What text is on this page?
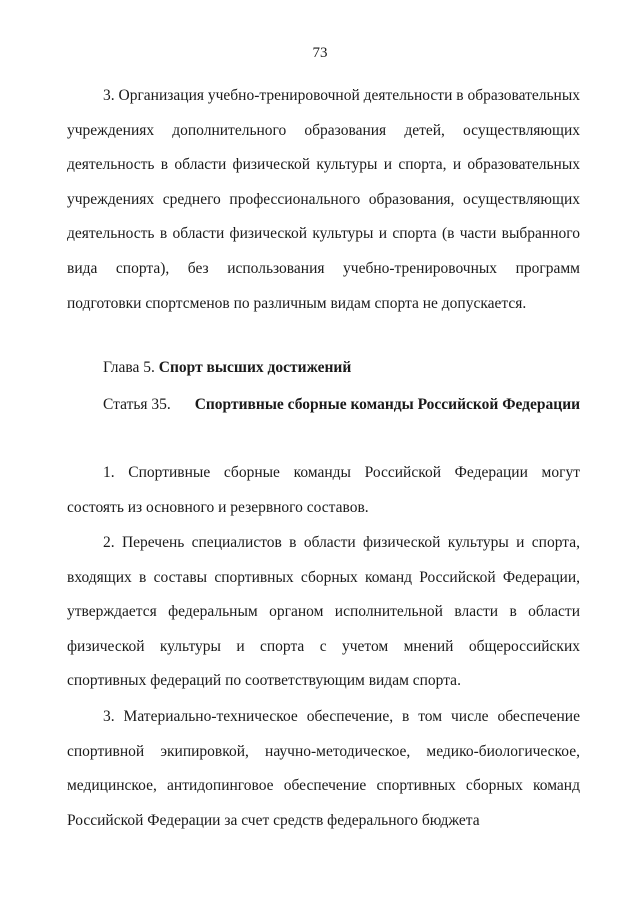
73

3. Организация учебно-тренировочной деятельности в образовательных учреждениях дополнительного образования детей, осуществляющих деятельность в области физической культуры и спорта, и образовательных учреждениях среднего профессионального образования, осуществляющих деятельность в области физической культуры и спорта (в части выбранного вида спорта), без использования учебно-тренировочных программ подготовки спортсменов по различным видам спорта не допускается.

Глава 5. Спорт высших достижений
Статья 35. Спортивные сборные команды Российской Федерации

1. Спортивные сборные команды Российской Федерации могут состоять из основного и резервного составов.

2. Перечень специалистов в области физической культуры и спорта, входящих в составы спортивных сборных команд Российской Федерации, утверждается федеральным органом исполнительной власти в области физической культуры и спорта с учетом мнений общероссийских спортивных федераций по соответствующим видам спорта.

3. Материально-техническое обеспечение, в том числе обеспечение спортивной экипировкой, научно-методическое, медико-биологическое, медицинское, антидопинговое обеспечение спортивных сборных команд Российской Федерации за счет средств федерального бюджета
